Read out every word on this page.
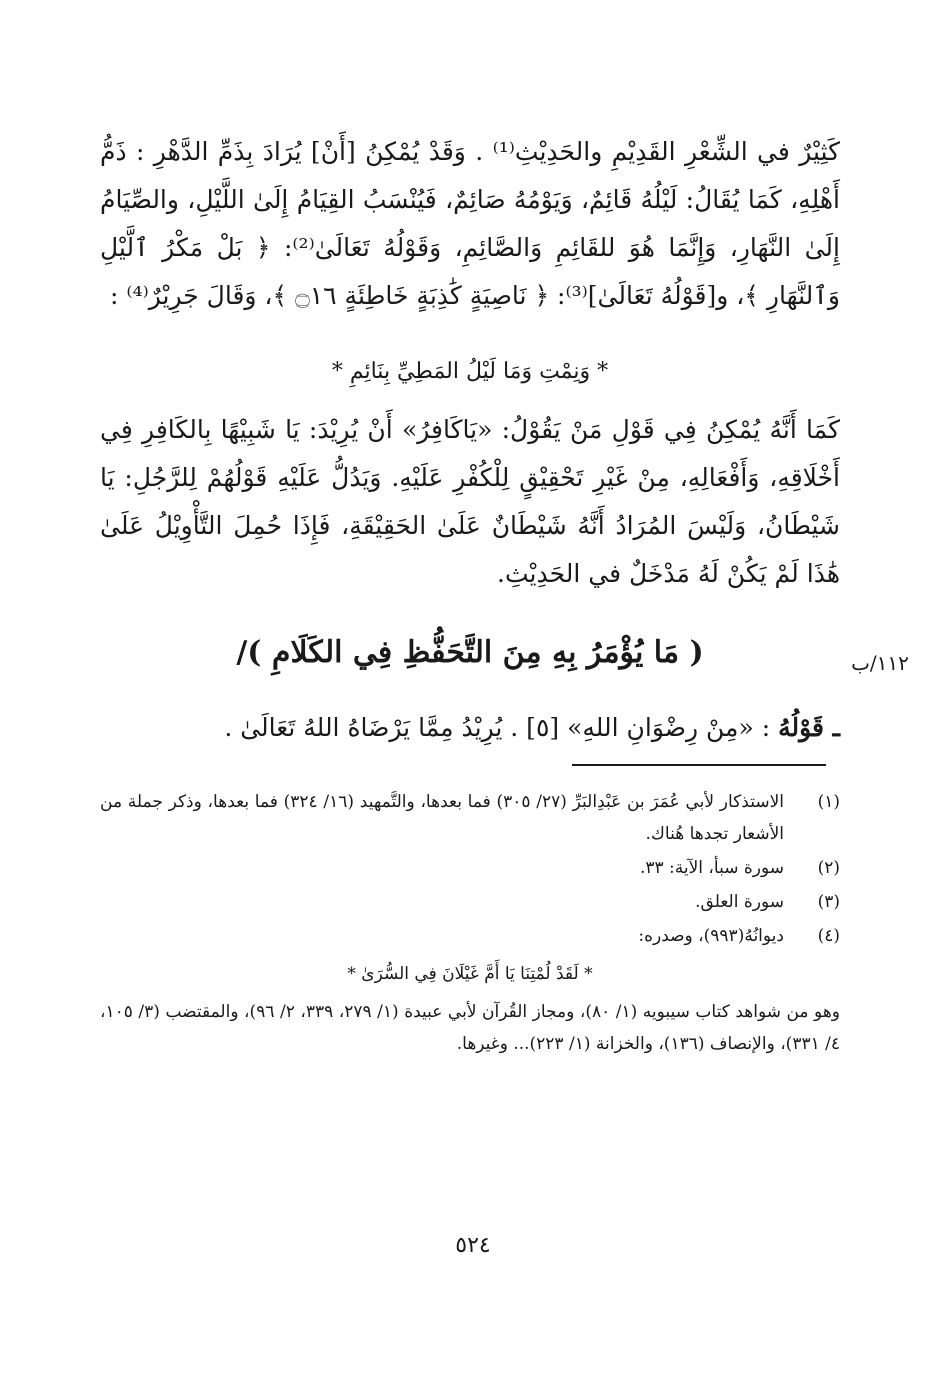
كَثِيْرٌ في الشِّعْرِ القَدِيْمِ والحَدِيْثِ⁽¹⁾ . وَقَدْ يُمْكِنُ [أَنْ] يُرَادَ بِذَمِّ الدَّهْرِ : ذَمُّ أَهْلِهِ، كَمَا يُقَالُ: لَيْلُهُ قَائِمٌ، وَيَوْمُهُ صَائِمٌ، فَيُنْسَبُ القِيَامُ إِلَىٰ اللَّيْلِ، والصِّيَامُ إِلَىٰ النَّهَارِ، وَإِنَّمَا هُوَ للقَائِمِ وَالصَّائِمِ، وَقَوْلُهُ تَعَالَىٰ⁽²⁾: ﴿ بَلْ مَكْرُ ٱلَّيْلِ وَٱلنَّهَارِ ﴾، و[قَوْلُهُ تَعَالَىٰ]⁽³⁾: ﴿ نَاصِيَةٍ كَٰذِبَةٍ خَاطِئَةٍ ۝١٦ ﴾، وَقَالَ جَرِيْرٌ⁽⁴⁾ :

* وَنِمْتِ وَمَا لَيْلُ المَطِيِّ بِنَائِمِ *

كَمَا أَنَّهُ يُمْكِنُ فِي قَوْلِ مَنْ يَقُوْلُ: «يَاكَافِرُ» أَنْ يُرِيْدَ: يَا شَبِيْهًا بِالكَافِرِ فِي أَخْلَاقِهِ، وَأَفْعَالِهِ، مِنْ غَيْرِ تَحْقِيْقٍ لِلْكُفْرِ عَلَيْهِ. وَيَدُلُّ عَلَيْهِ قَوْلُهُمْ لِلرَّجُلِ: يَا شَيْطَانُ، وَلَيْسَ المُرَادُ أَنَّهُ شَيْطَانٌ عَلَىٰ الحَقِيْقَةِ، فَإِذَا حُمِلَ التَّأْوِيْلُ عَلَىٰ هَٰذَا لَمْ يَكُنْ لَهُ مَدْخَلٌ في الحَدِيْثِ.

( مَا يُؤْمَرُ بِهِ مِنَ التَّحَفُّظِ فِي الكَلَامِ )/	١١٢/ب
ـ قَوْلُهُ : «مِنْ رِضْوَانِ اللهِ» [٥] . يُرِيْدُ مِمَّا يَرْضَاهُ اللهُ تَعَالَىٰ .
(١)
الاستذكار لأبي عُمَرَ بن عَبْدِالبَرِّ (٢٧/ ٣٠٥) فما بعدها، والتَّمهيد (١٦/ ٣٢٤) فما بعدها، وذكر جملة من الأشعار تجدها هُناك.
(٢)
سورة سبأ، الآية: ٣٣.
(٣)
سورة العلق.
(٤)
ديوانُهُ(٩٩٣)، وصدره:
* لَقَدْ لُمْتِنَا يَا أَمَّ غَيْلَانَ فِي السُّرَىٰ *
وهو من شواهد كتاب سيبويه (١/ ٨٠)، ومجاز القُرآن لأبي عبيدة (١/ ٢٧٩، ٣٣٩، ٢/ ٩٦)، والمقتضب (٣/ ١٠٥، ٤/ ٣٣١)، والإنصاف (١٣٦)، والخزانة (١/ ٢٢٣)... وغيرها.
٥٢٤
